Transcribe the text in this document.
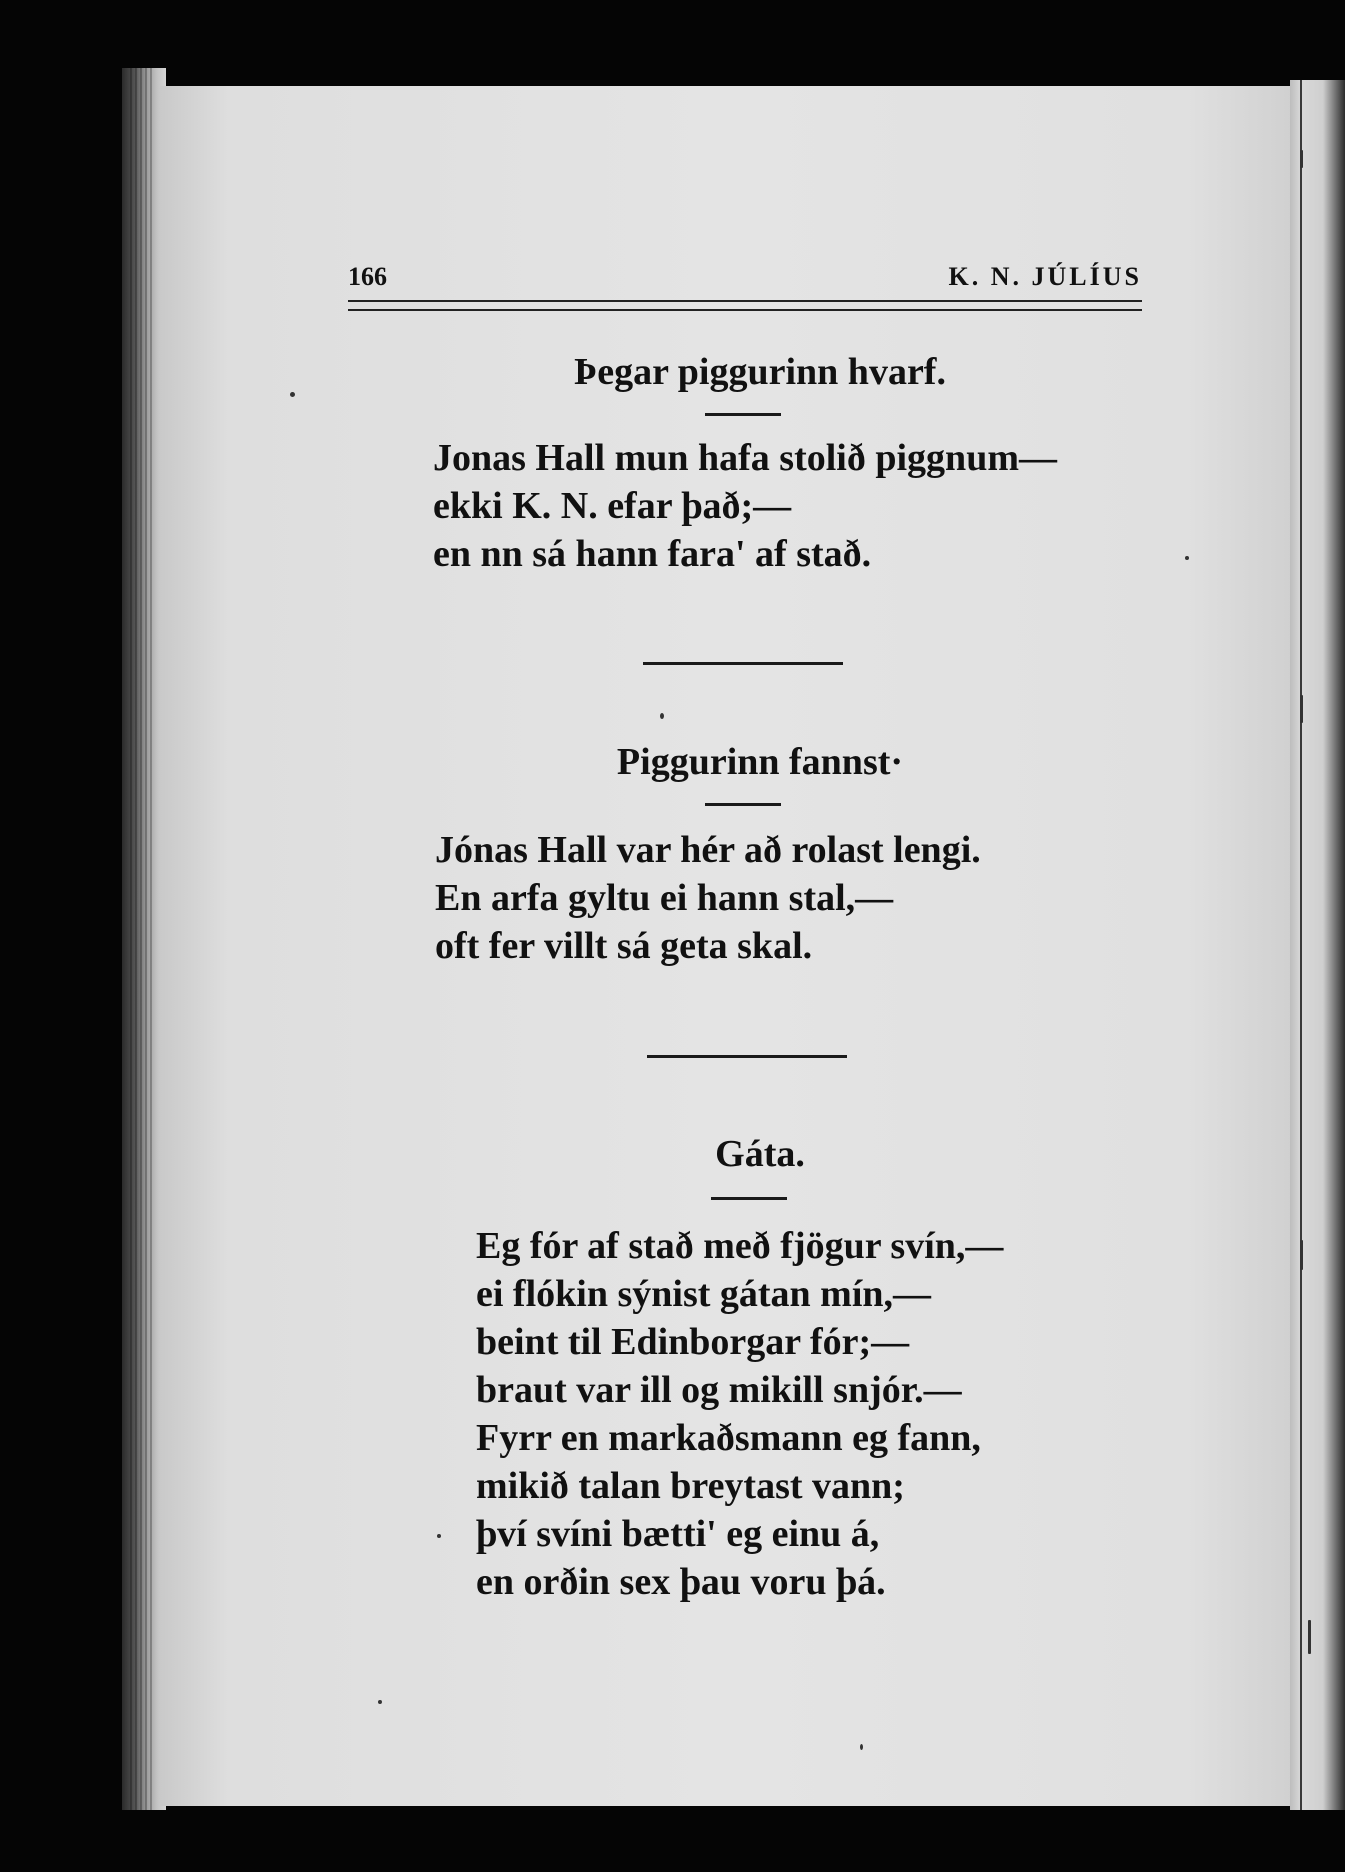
166	K. N. JÚLÍUS
Þegar piggurinn hvarf.
Jonas Hall mun hafa stolið piggnum—
ekki K. N. efar það;—
en nn sá hann fara' af stað.
Piggurinn fannst·
Jónas Hall var hér að rolast lengi.
En arfa gyltu ei hann stal,—
oft fer villt sá geta skal.
Gáta.
Eg fór af stað með fjögur svín,—
ei flókin sýnist gátan mín,—
beint til Edinborgar fór;—
braut var ill og mikill snjór.—
Fyrr en markaðsmann eg fann,
mikið talan breytast vann;
því svíni bætti' eg einu á,
en orðin sex þau voru þá.
